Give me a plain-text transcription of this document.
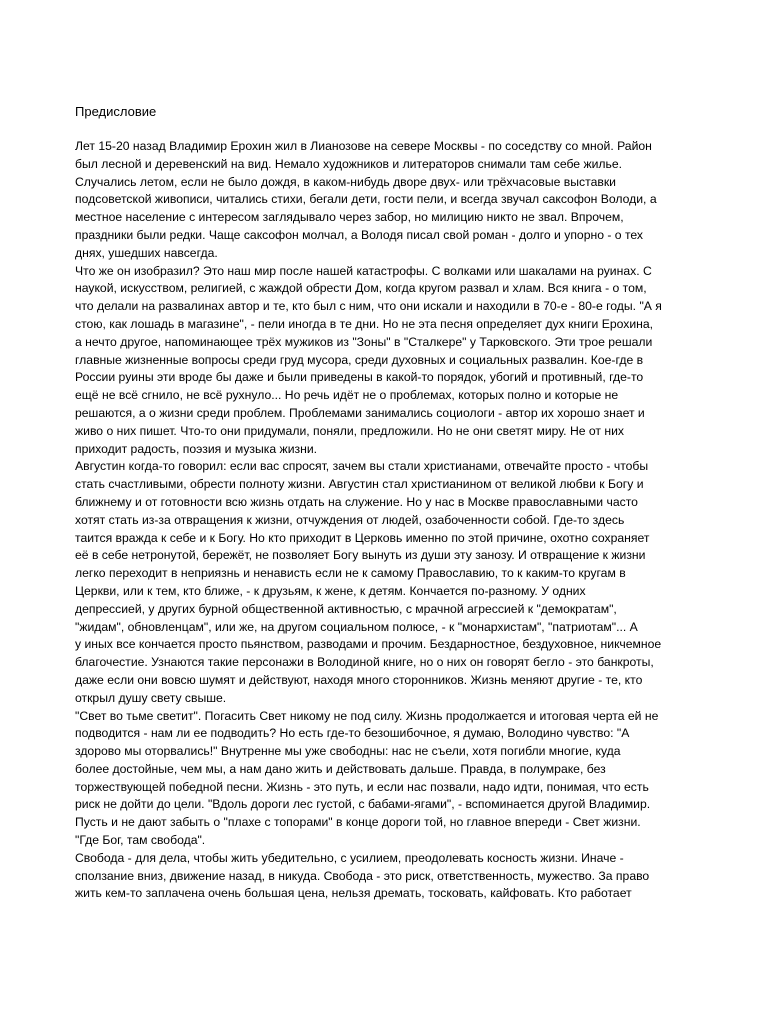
Предисловие
Лет 15-20 назад Владимир Ерохин жил в Лианозове на севере Москвы - по соседству со мной. Район
был лесной и деревенский на вид. Немало художников и литераторов снимали там себе жилье.
Случались летом, если не было дождя, в каком-нибудь дворе двух- или трёхчасовые выставки
подсоветской живописи, читались стихи, бегали дети, гости пели, и всегда звучал саксофон Володи, а
местное население с интересом заглядывало через забор, но милицию никто не звал. Впрочем,
праздники были редки. Чаще саксофон молчал, а Володя писал свой роман - долго и упорно - о тех
днях, ушедших навсегда.
Что же он изобразил? Это наш мир после нашей катастрофы. С волками или шакалами на руинах. С
наукой, искусством, религией, с жаждой обрести Дом, когда кругом развал и хлам. Вся книга - о том,
что делали на развалинах автор и те, кто был с ним, что они искали и находили в 70-е - 80-е годы. "А я
стою, как лошадь в магазине", - пели иногда в те дни. Но не эта песня определяет дух книги Ерохина,
а нечто другое, напоминающее трёх мужиков из "Зоны" в "Сталкере" у Тарковского. Эти трое решали
главные жизненные вопросы среди груд мусора, среди духовных и социальных развалин. Кое-где в
России руины эти вроде бы даже и были приведены в какой-то порядок, убогий и противный, где-то
ещё не всё сгнило, не всё рухнуло... Но речь идёт не о проблемах, которых полно и которые не
решаются, а о жизни среди проблем. Проблемами занимались социологи - автор их хорошо знает и
живо о них пишет. Что-то они придумали, поняли, предложили. Но не они светят миру. Не от них
приходит радость, поэзия и музыка жизни.
Августин когда-то говорил: если вас спросят, зачем вы стали христианами, отвечайте просто - чтобы
стать счастливыми, обрести полноту жизни. Августин стал христианином от великой любви к Богу и
ближнему и от готовности всю жизнь отдать на служение. Но у нас в Москве православными часто
хотят стать из-за отвращения к жизни, отчуждения от людей, озабоченности собой. Где-то здесь
таится вражда к себе и к Богу. Но кто приходит в Церковь именно по этой причине, охотно сохраняет
её в себе нетронутой, бережёт, не позволяет Богу вынуть из души эту занозу. И отвращение к жизни
легко переходит в неприязнь и ненависть если не к самому Православию, то к каким-то кругам в
Церкви, или к тем, кто ближе, - к друзьям, к жене, к детям. Кончается по-разному. У одних
депрессией, у других бурной общественной активностью, с мрачной агрессией к "демократам",
"жидам", обновленцам", или же, на другом социальном полюсе, - к "монархистам", "патриотам"... А
у иных все кончается просто пьянством, разводами и прочим. Бездарностное, бездуховное, никчемное
благочестие. Узнаются такие персонажи в Володиной книге, но о них он говорят бегло - это банкроты,
даже если они вовсю шумят и действуют, находя много сторонников. Жизнь меняют другие - те, кто
открыл душу свету свыше.
"Свет во тьме светит". Погасить Свет никому не под силу. Жизнь продолжается и итоговая черта ей не
подводится - нам ли ее подводить? Но есть где-то безошибочное, я думаю, Володино чувство: "А
здорово мы оторвались!" Внутренне мы уже свободны: нас не съели, хотя погибли многие, куда
более достойные, чем мы, а нам дано жить и действовать дальше. Правда, в полумраке, без
торжествующей победной песни. Жизнь - это путь, и если нас позвали, надо идти, понимая, что есть
риск не дойти до цели. "Вдоль дороги лес густой, с бабами-ягами", - вспоминается другой Владимир.
Пусть и не дают забыть о "плахе с топорами" в конце дороги той, но главное впереди - Свет жизни.
"Где Бог, там свобода".
Свобода - для дела, чтобы жить убедительно, с усилием, преодолевать косность жизни. Иначе -
сползание вниз, движение назад, в никуда. Свобода - это риск, ответственность, мужество. За право
жить кем-то заплачена очень большая цена, нельзя дремать, тосковать, кайфовать. Кто работает
